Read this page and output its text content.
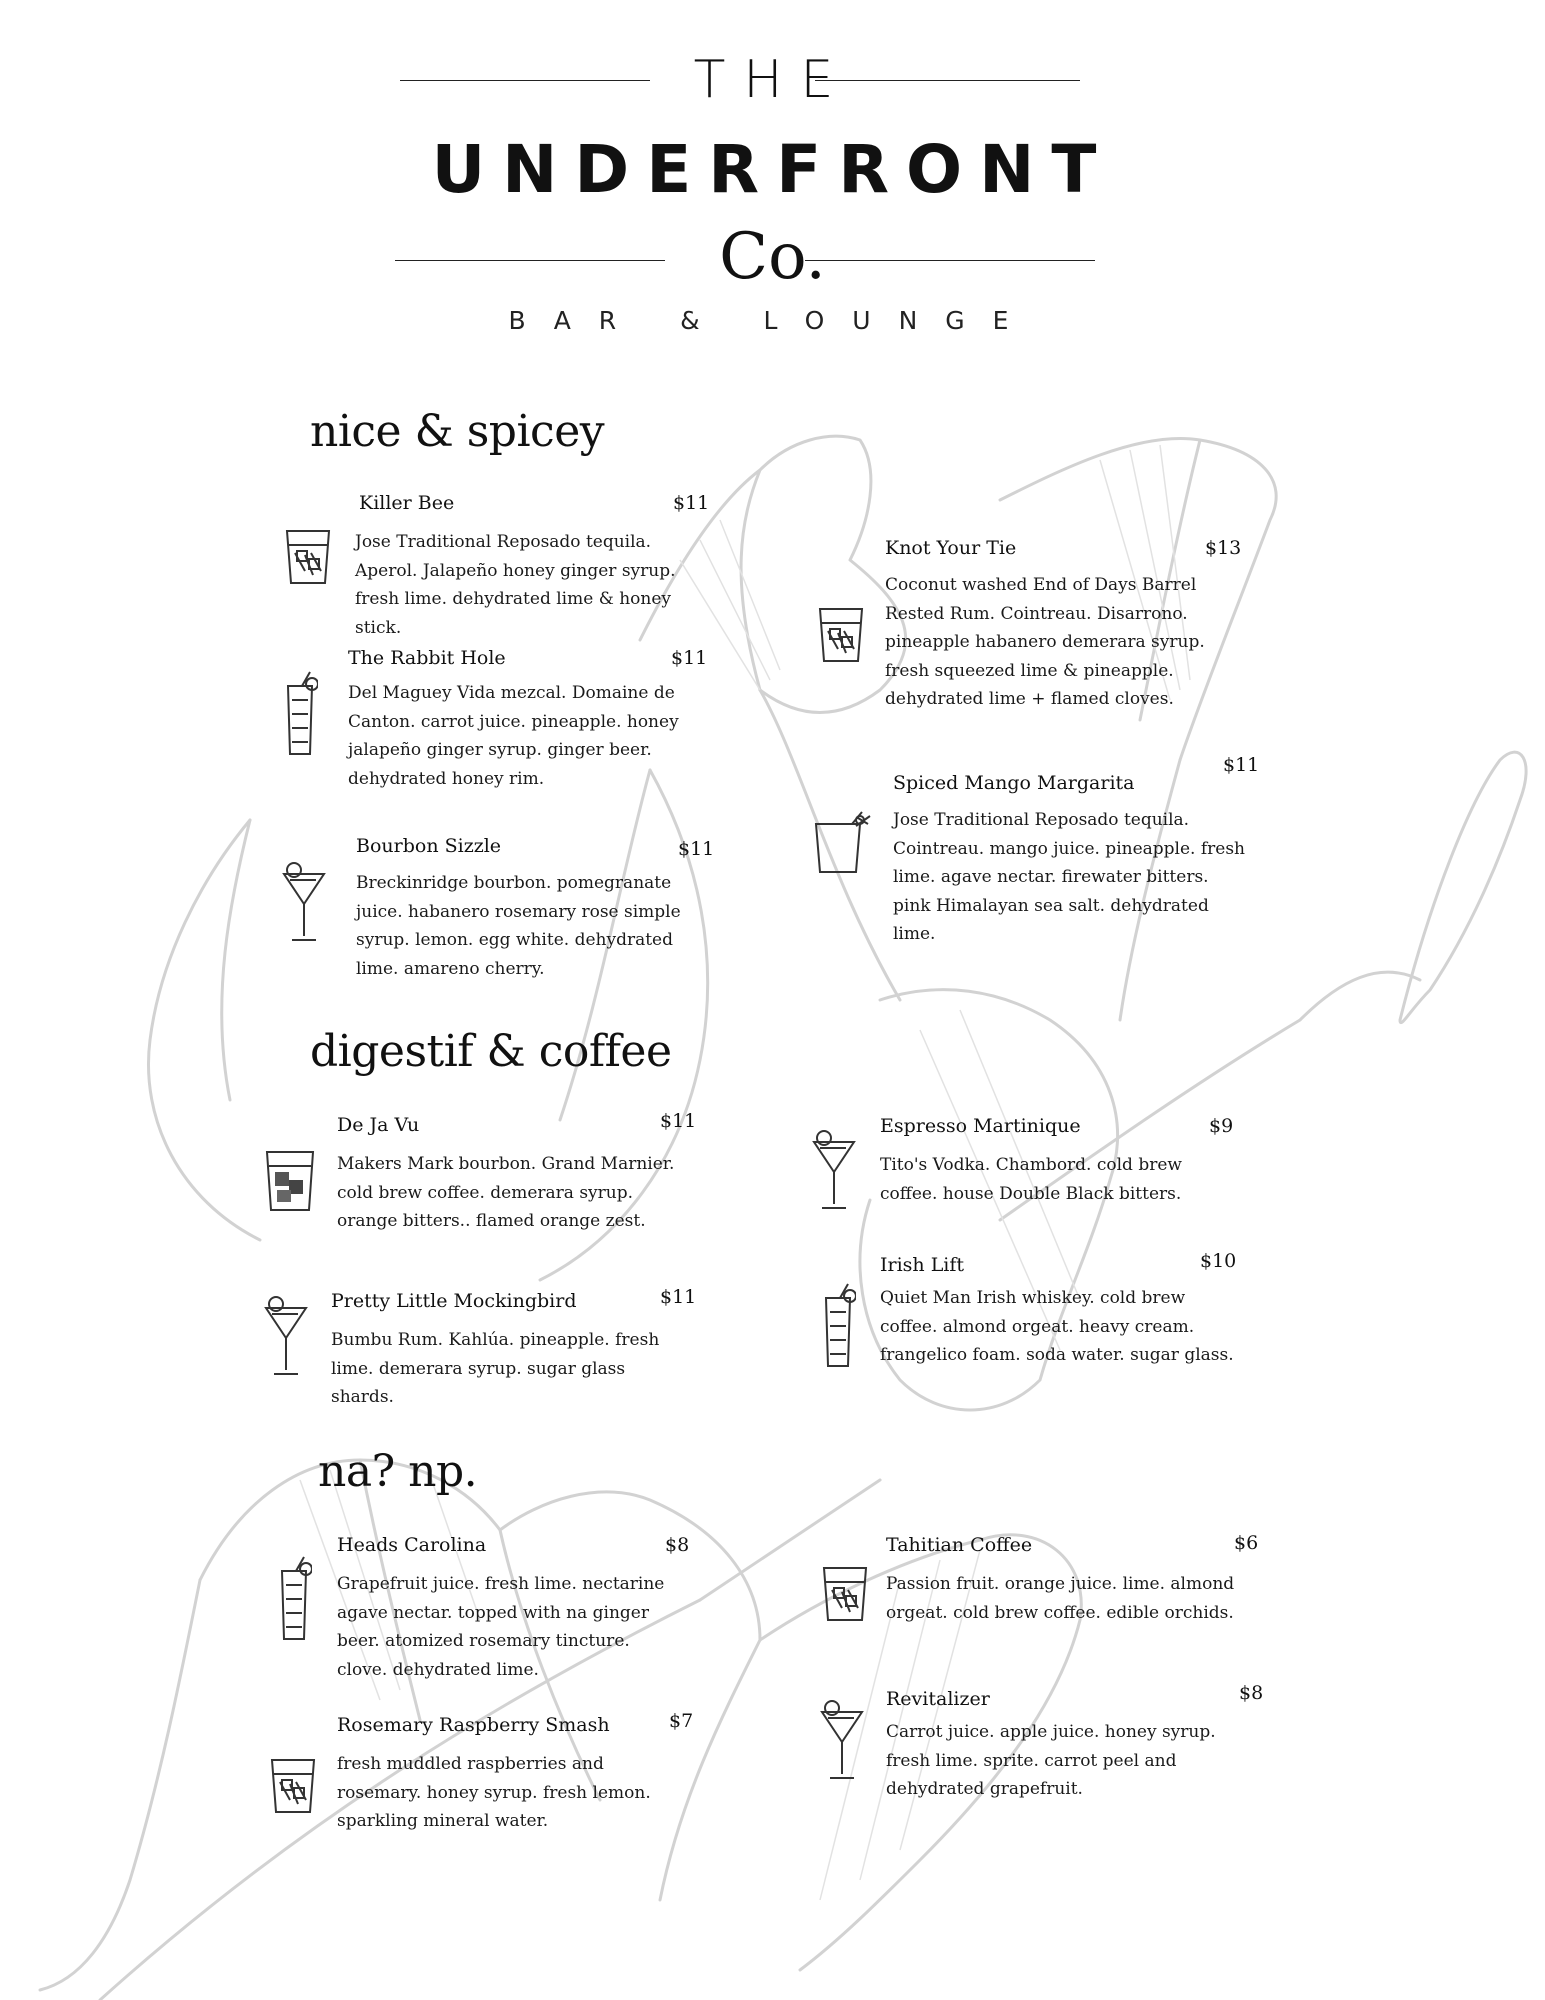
THE
UNDERFRONT
Co.
BAR & LOUNGE
nice & spicey
Killer Bee	$11
Jose Traditional Reposado tequila.
Aperol. Jalapeño honey ginger syrup.
fresh lime. dehydrated lime & honey
stick.
The Rabbit Hole	$11
Del Maguey Vida mezcal. Domaine de
Canton. carrot juice. pineapple. honey
jalapeño ginger syrup. ginger beer.
dehydrated honey rim.
Bourbon Sizzle	$11
Breckinridge bourbon. pomegranate
juice. habanero rosemary rose simple
syrup. lemon. egg white. dehydrated
lime. amareno cherry.
Knot Your Tie	$13
Coconut washed End of Days Barrel
Rested Rum. Cointreau. Disarrono.
pineapple habanero demerara syrup.
fresh squeezed lime & pineapple.
dehydrated lime + flamed cloves.
Spiced Mango Margarita
$11
Jose Traditional Reposado tequila.
Cointreau. mango juice. pineapple. fresh
lime. agave nectar. firewater bitters.
pink Himalayan sea salt. dehydrated
lime.
digestif & coffee
De Ja Vu	$11
Makers Mark bourbon. Grand Marnier.
cold brew coffee. demerara syrup.
orange bitters.. flamed orange zest.
Pretty Little Mockingbird	$11
Bumbu Rum. Kahlúa. pineapple. fresh
lime. demerara syrup. sugar glass
shards.
Espresso Martinique	$9
Tito's Vodka. Chambord. cold brew
coffee. house Double Black bitters.
Irish Lift	$10
Quiet Man Irish whiskey. cold brew
coffee. almond orgeat. heavy cream.
frangelico foam. soda water. sugar glass.
na? np.
Heads Carolina	$8
Grapefruit juice. fresh lime. nectarine
agave nectar. topped with na ginger
beer. atomized rosemary tincture.
clove. dehydrated lime.
Rosemary Raspberry Smash	$7
fresh muddled raspberries and
rosemary. honey syrup. fresh lemon.
sparkling mineral water.
Tahitian Coffee	$6
Passion fruit. orange juice. lime. almond
orgeat. cold brew coffee. edible orchids.
Revitalizer	$8
Carrot juice. apple juice. honey syrup.
fresh lime. sprite. carrot peel and
dehydrated grapefruit.
